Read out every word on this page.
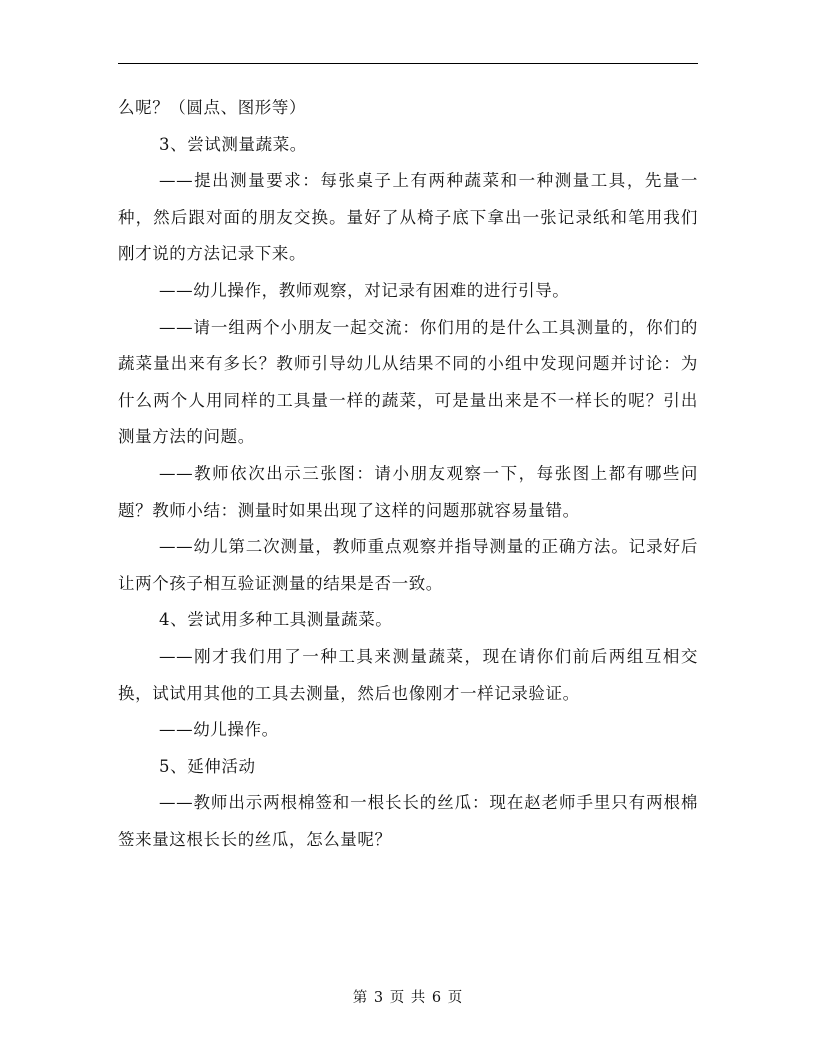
么呢？（圆点、图形等）

3、尝试测量蔬菜。

——提出测量要求：每张桌子上有两种蔬菜和一种测量工具，先量一种，然后跟对面的朋友交换。量好了从椅子底下拿出一张记录纸和笔用我们刚才说的方法记录下来。

——幼儿操作，教师观察，对记录有困难的进行引导。

——请一组两个小朋友一起交流：你们用的是什么工具测量的，你们的蔬菜量出来有多长？教师引导幼儿从结果不同的小组中发现问题并讨论：为什么两个人用同样的工具量一样的蔬菜，可是量出来是不一样长的呢？引出测量方法的问题。

——教师依次出示三张图：请小朋友观察一下，每张图上都有哪些问题？教师小结：测量时如果出现了这样的问题那就容易量错。

——幼儿第二次测量，教师重点观察并指导测量的正确方法。记录好后让两个孩子相互验证测量的结果是否一致。

4、尝试用多种工具测量蔬菜。

——刚才我们用了一种工具来测量蔬菜，现在请你们前后两组互相交换，试试用其他的工具去测量，然后也像刚才一样记录验证。

——幼儿操作。

5、延伸活动

——教师出示两根棉签和一根长长的丝瓜：现在赵老师手里只有两根棉签来量这根长长的丝瓜，怎么量呢？

第 3 页 共 6 页
